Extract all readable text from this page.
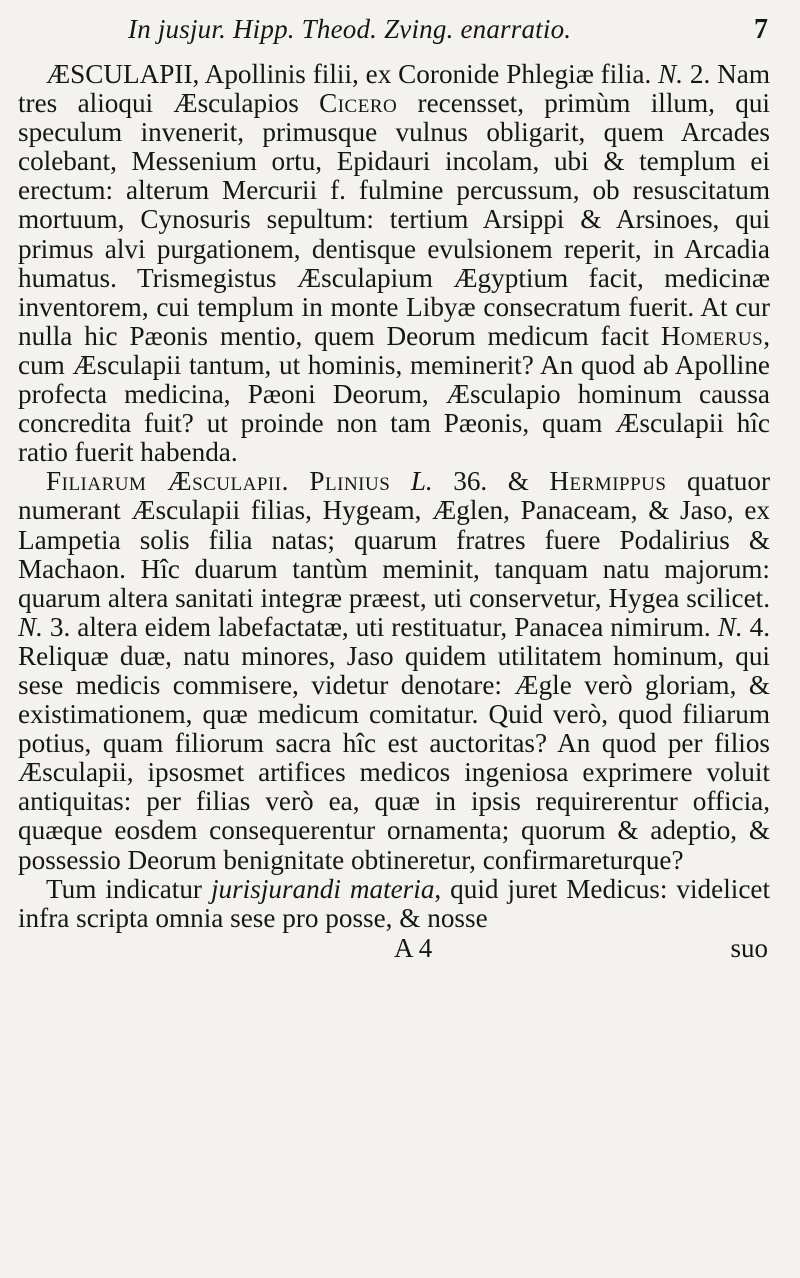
In jusjur. Hipp. Theod. Zving. enarratio.	7

ÆSCULAPII, Apollinis filii, ex Coronide Phlegiæ filia. N. 2. Nam tres alioqui Æsculapios Cicero recensset, primùm illum, qui speculum invenerit, primusque vulnus obligarit, quem Arcades colebant, Messenium ortu, Epidauri incolam, ubi & templum ei erectum: alterum Mercurii f. fulmine percussum, ob resuscitatum mortuum, Cynosuris sepultum: tertium Arsippi & Arsinoes, qui primus alvi purgationem, dentisque evulsionem reperit, in Arcadia humatus. Trismegistus Æsculapium Ægyptium facit, medicinæ inventorem, cui templum in monte Libyæ consecratum fuerit. At cur nulla hic Pæonis mentio, quem Deorum medicum facit Homerus, cum Æsculapii tantum, ut hominis, meminerit? An quod ab Apolline profecta medicina, Pæoni Deorum, Æsculapio hominum caussa concredita fuit? ut proinde non tam Pæonis, quam Æsculapii hîc ratio fuerit habenda.

Filiarum Æsculapii. Plinius L. 36. & Hermippus quatuor numerant Æsculapii filias, Hygeam, Æglen, Panaceam, & Jaso, ex Lampetia solis filia natas; quarum fratres fuere Podalirius & Machaon. Hîc duarum tantùm meminit, tanquam natu majorum: quarum altera sanitati integræ præest, uti conservetur, Hygea scilicet. N. 3. altera eidem labefactatæ, uti restituatur, Panacea nimirum. N. 4. Reliquæ duæ, natu minores, Jaso quidem utilitatem hominum, qui sese medicis commisere, videtur denotare: Ægle verò gloriam, & existimationem, quæ medicum comitatur. Quid verò, quod filiarum potius, quam filiorum sacra hîc est auctoritas? An quod per filios Æsculapii, ipsosmet artifices medicos ingeniosa exprimere voluit antiquitas: per filias verò ea, quæ in ipsis requirerentur officia, quæque eosdem consequerentur ornamenta; quorum & adeptio, & possessio Deorum benignitate obtineretur, confirmareturque?

Tum indicatur jurisjurandi materia, quid juret Medicus: videlicet infra scripta omnia sese pro posse, & nosse

A 4	suo
